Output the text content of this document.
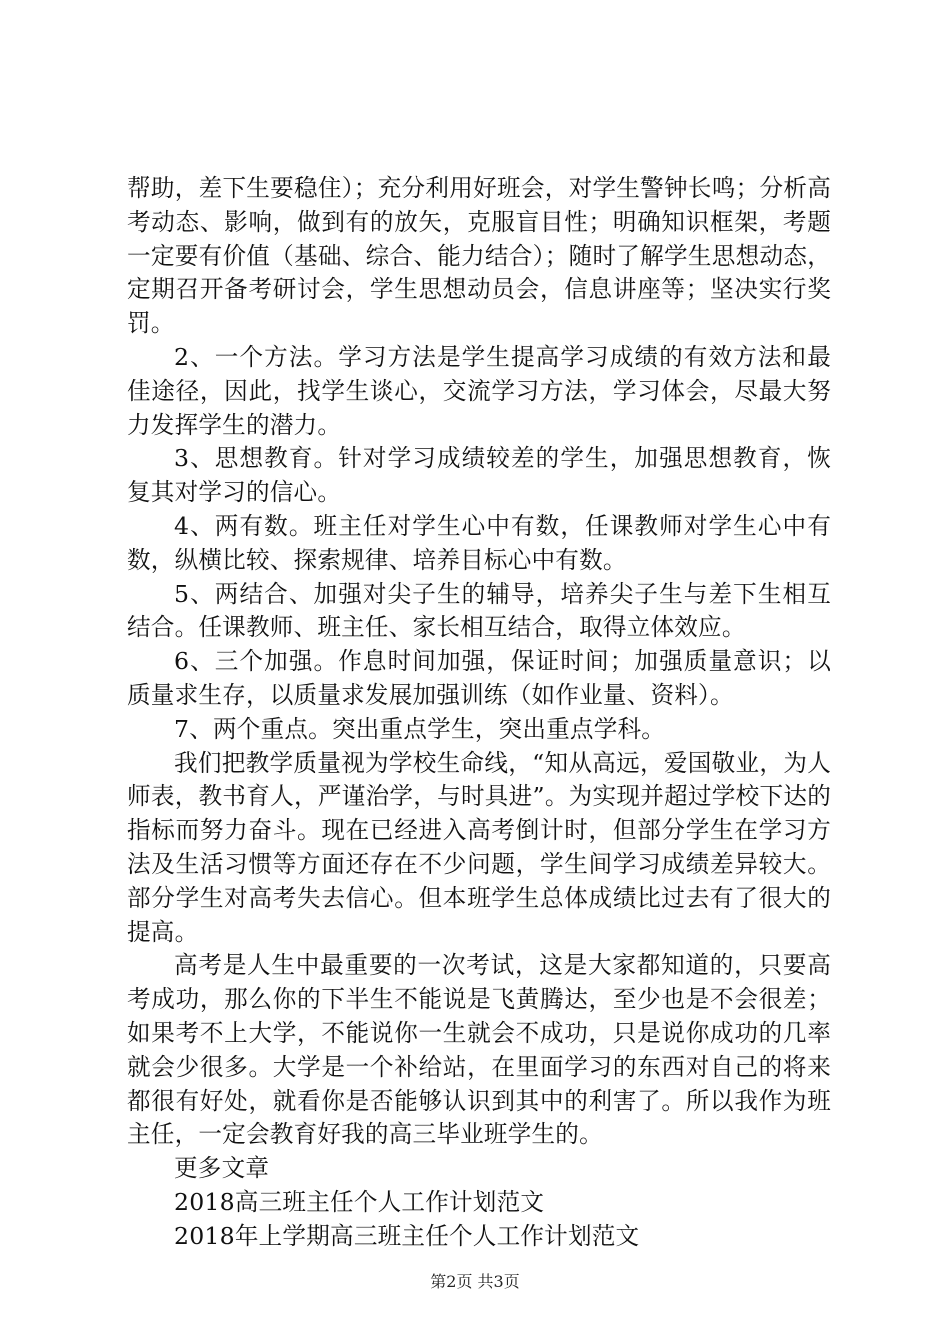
帮助，差下生要稳住）；充分利用好班会，对学生警钟长鸣；分析高考动态、影响，做到有的放矢，克服盲目性；明确知识框架，考题一定要有价值（基础、综合、能力结合）；随时了解学生思想动态，定期召开备考研讨会，学生思想动员会，信息讲座等；坚决实行奖罚。

2、一个方法。学习方法是学生提高学习成绩的有效方法和最佳途径，因此，找学生谈心，交流学习方法，学习体会，尽最大努力发挥学生的潜力。

3、思想教育。针对学习成绩较差的学生，加强思想教育，恢复其对学习的信心。

4、两有数。班主任对学生心中有数，任课教师对学生心中有数，纵横比较、探索规律、培养目标心中有数。

5、两结合、加强对尖子生的辅导，培养尖子生与差下生相互结合。任课教师、班主任、家长相互结合，取得立体效应。

6、三个加强。作息时间加强，保证时间；加强质量意识；以质量求生存，以质量求发展加强训练（如作业量、资料）。

7、两个重点。突出重点学生，突出重点学科。

我们把教学质量视为学校生命线，“知从高远，爱国敬业，为人师表，教书育人，严谨治学，与时具进”。为实现并超过学校下达的指标而努力奋斗。现在已经进入高考倒计时，但部分学生在学习方法及生活习惯等方面还存在不少问题，学生间学习成绩差异较大。部分学生对高考失去信心。但本班学生总体成绩比过去有了很大的提高。

高考是人生中最重要的一次考试，这是大家都知道的，只要高考成功，那么你的下半生不能说是飞黄腾达，至少也是不会很差；如果考不上大学，不能说你一生就会不成功，只是说你成功的几率就会少很多。大学是一个补给站，在里面学习的东西对自己的将来都很有好处，就看你是否能够认识到其中的利害了。所以我作为班主任，一定会教育好我的高三毕业班学生的。

更多文章
2018高三班主任个人工作计划范文
2018年上学期高三班主任个人工作计划范文
第2页 共3页
